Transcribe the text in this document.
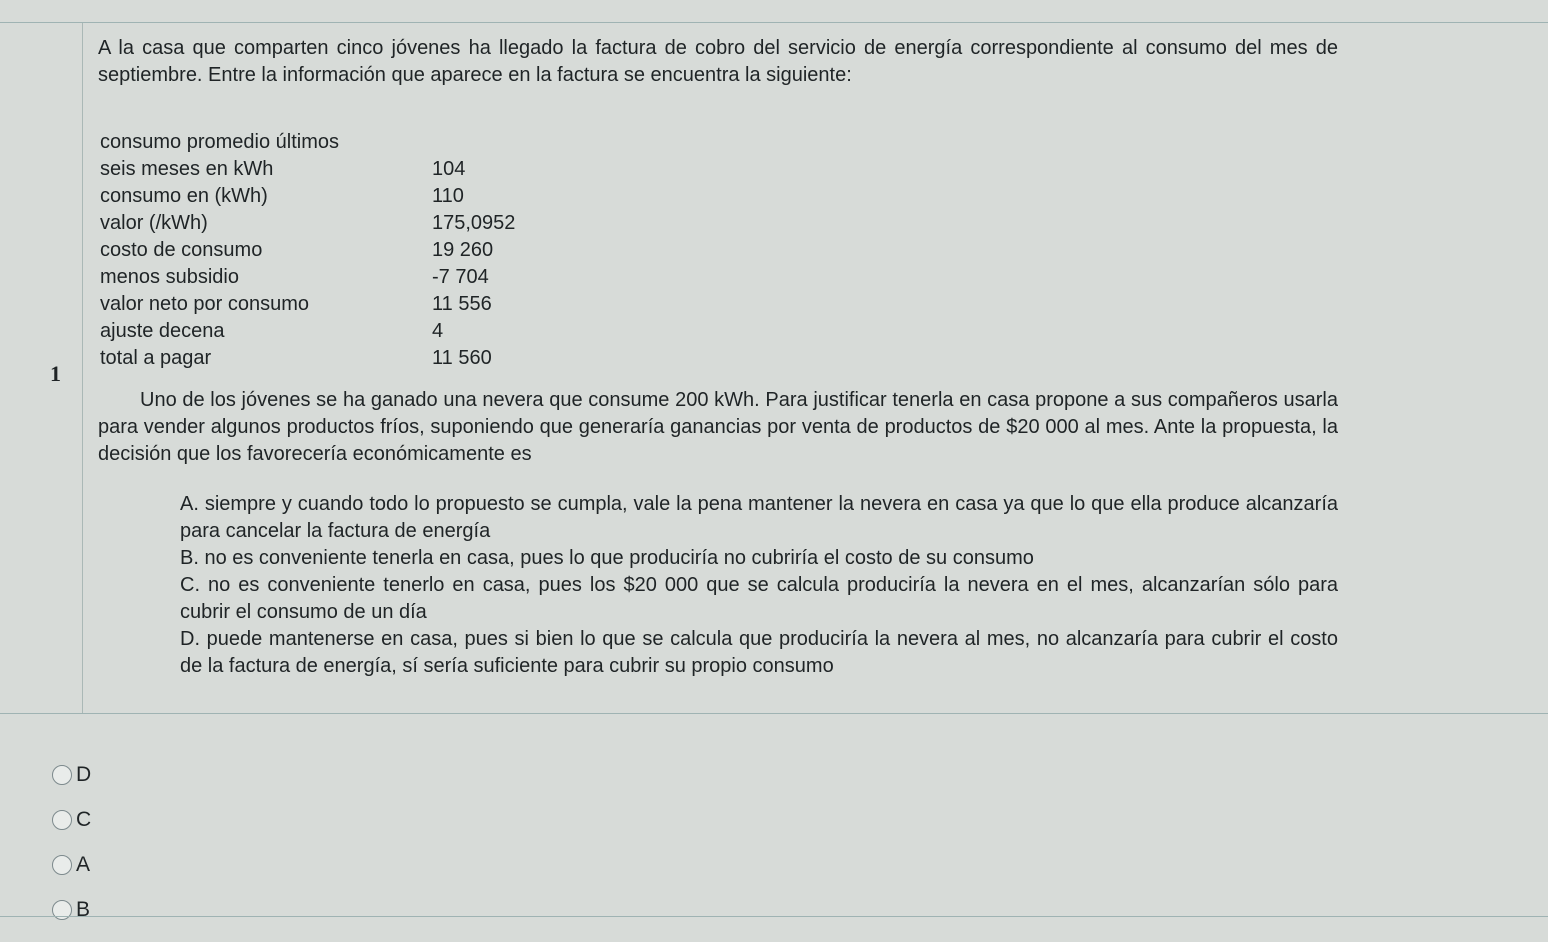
1

A la casa que comparten cinco jóvenes ha llegado la factura de cobro del servicio de energía correspondiente al consumo del mes de septiembre. Entre la información que aparece en la factura se encuentra la siguiente:

consumo promedio últimos
seis meses en kWh	104
consumo en (kWh)	110
valor (/kWh)	175,0952
costo de consumo	19 260
menos subsidio	-7 704
valor neto por consumo	11 556
ajuste decena	4
total a pagar	11 560

Uno de los jóvenes se ha ganado una nevera que consume 200 kWh. Para justificar tenerla en casa propone a sus compañeros usarla para vender algunos productos fríos, suponiendo que generaría ganancias por venta de productos de $20 000 al mes. Ante la propuesta, la decisión que los favorecería económicamente es

A. siempre y cuando todo lo propuesto se cumpla, vale la pena mantener la nevera en casa ya que lo que ella produce alcanzaría para cancelar la factura de energía

B. no es conveniente tenerla en casa, pues lo que produciría no cubriría el costo de su consumo

C. no es conveniente tenerlo en casa, pues los $20 000 que se calcula produciría la nevera en el mes, alcanzarían sólo para cubrir el consumo de un día

D. puede mantenerse en casa, pues si bien lo que se calcula que produciría la nevera al mes, no alcanzaría para cubrir el costo de la factura de energía, sí sería suficiente para cubrir su propio consumo

D
C
A
B
